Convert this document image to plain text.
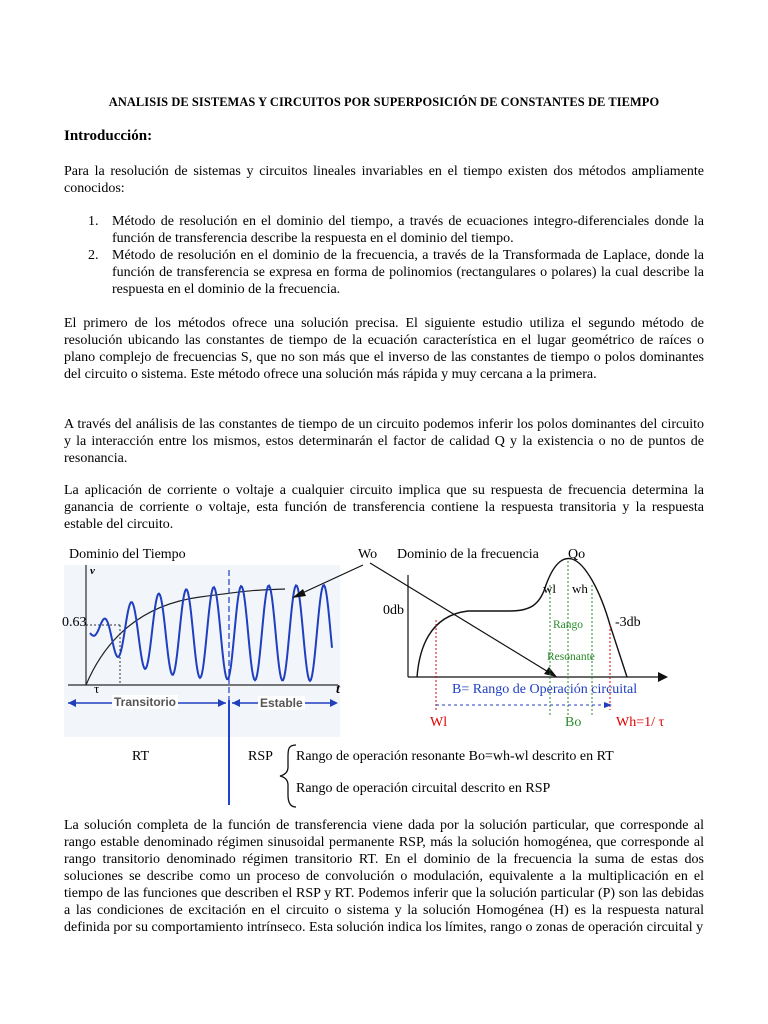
ANALISIS DE SISTEMAS Y CIRCUITOS POR SUPERPOSICIÓN DE CONSTANTES DE TIEMPO
Introducción:
Para la resolución de sistemas y circuitos lineales invariables en el tiempo existen dos métodos ampliamente conocidos:
1. Método de resolución en el dominio del tiempo, a través de ecuaciones integro-diferenciales donde la función de transferencia describe la respuesta en el dominio del tiempo.
2. Método de resolución en el dominio de la frecuencia, a través de la Transformada de Laplace, donde la función de transferencia se expresa en forma de polinomios (rectangulares o polares) la cual describe la respuesta en el dominio de la frecuencia.
El primero de los métodos ofrece una solución precisa. El siguiente estudio utiliza el segundo método de resolución ubicando las constantes de tiempo de la ecuación característica en el lugar geométrico de raíces o plano complejo de frecuencias S, que no son más que el inverso de las constantes de tiempo o polos dominantes del circuito o sistema. Este método ofrece una solución más rápida y muy cercana a la primera.
A través del análisis de las constantes de tiempo de un circuito podemos inferir los polos dominantes del circuito y la interacción entre los mismos, estos determinarán el factor de calidad Q y la existencia o no de puntos de resonancia.
La aplicación de corriente o voltaje a cualquier circuito implica que su respuesta de frecuencia determina la ganancia de corriente o voltaje, esta función de transferencia contiene la respuesta transitoria y la respuesta estable del circuito.
Dominio del Tiempo
v
0.63
τ	t
Transitorio	Estable
Wo Dominio de la frecuencia Qo
wl wh
0db
-3db
Rango
Resonante
B= Rango de Operación circuital
Wl	Bo Wh=1/ τ
RT	RSP Rango de operación resonante Bo=wh-wl descrito en RT
Rango de operación circuital descrito en RSP
La solución completa de la función de transferencia viene dada por la solución particular, que corresponde al rango estable denominado régimen sinusoidal permanente RSP, más la solución homogénea, que corresponde al rango transitorio denominado régimen transitorio RT. En el dominio de la frecuencia la suma de estas dos soluciones se describe como un proceso de convolución o modulación, equivalente a la multiplicación en el tiempo de las funciones que describen el RSP y RT. Podemos inferir que la solución particular (P) son las debidas a las condiciones de excitación en el circuito o sistema y la solución Homogénea (H) es la respuesta natural definida por su comportamiento intrínseco. Esta solución indica los límites, rango o zonas de operación circuital y
